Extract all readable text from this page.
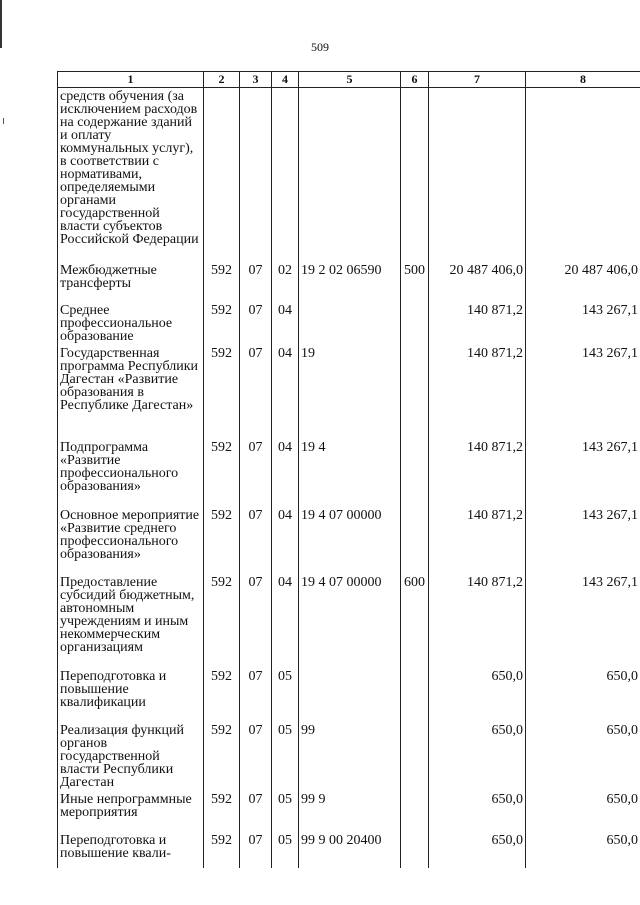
509
1	2	3	4	5	6	7	8
средств обучения (за исключением расходов на содержание зданий и оплату коммунальных услуг), в соответствии с нормативами, определяемыми органами государственной власти субъектов Российской Федерации							
Межбюджетные трансферты	592	07	02	19 2 02 06590	500	20 487 406,0	20 487 406,0
Среднее профессиональное образование	592	07	04			140 871,2	143 267,1
Государственная программа Республики Дагестан «Развитие образования в Республике Дагестан»	592	07	04	19		140 871,2	143 267,1
Подпрограмма «Развитие профессионального образования»	592	07	04	19 4		140 871,2	143 267,1
Основное мероприятие «Развитие среднего профессионального образования»	592	07	04	19 4 07 00000		140 871,2	143 267,1
Предоставление субсидий бюджетным, автономным учреждениям и иным некоммерческим организациям	592	07	04	19 4 07 00000	600	140 871,2	143 267,1
Переподготовка и повышение квалификации	592	07	05			650,0	650,0
Реализация функций органов государственной власти Республики Дагестан	592	07	05	99		650,0	650,0
Иные непрограммные мероприятия	592	07	05	99 9		650,0	650,0
Переподготовка и повышение квали-	592	07	05	99 9 00 20400		650,0	650,0
